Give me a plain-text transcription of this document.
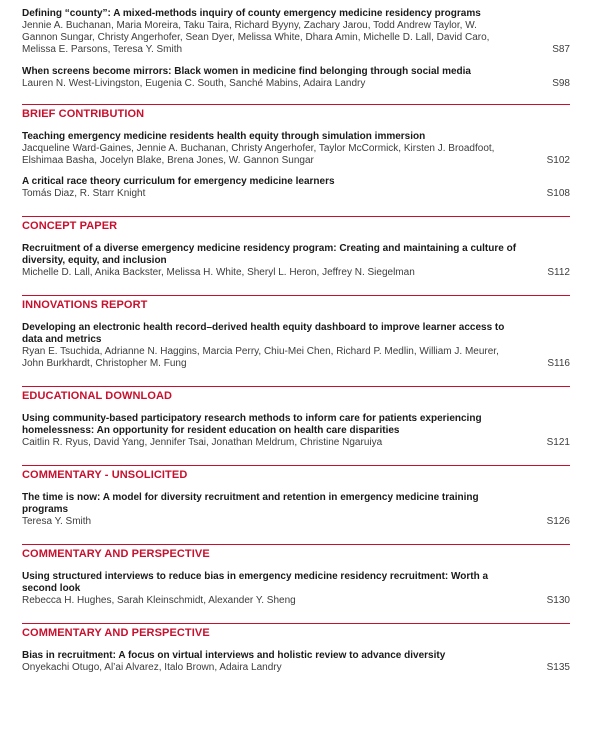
Defining “county”: A mixed-methods inquiry of county emergency medicine residency programs
Jennie A. Buchanan, Maria Moreira, Taku Taira, Richard Byyny, Zachary Jarou, Todd Andrew Taylor, W. Gannon Sungar, Christy Angerhofer, Sean Dyer, Melissa White, Dhara Amin, Michelle D. Lall, David Caro, Melissa E. Parsons, Teresa Y. Smith	S87
When screens become mirrors: Black women in medicine find belonging through social media
Lauren N. West-Livingston, Eugenia C. South, Sanché Mabins, Adaira Landry	S98
BRIEF CONTRIBUTION
Teaching emergency medicine residents health equity through simulation immersion
Jacqueline Ward-Gaines, Jennie A. Buchanan, Christy Angerhofer, Taylor McCormick, Kirsten J. Broadfoot, Elshimaa Basha, Jocelyn Blake, Brena Jones, W. Gannon Sungar	S102
A critical race theory curriculum for emergency medicine learners
Tomás Diaz, R. Starr Knight	S108
CONCEPT PAPER
Recruitment of a diverse emergency medicine residency program: Creating and maintaining a culture of diversity, equity, and inclusion
Michelle D. Lall, Anika Backster, Melissa H. White, Sheryl L. Heron, Jeffrey N. Siegelman	S112
INNOVATIONS REPORT
Developing an electronic health record–derived health equity dashboard to improve learner access to data and metrics
Ryan E. Tsuchida, Adrianne N. Haggins, Marcia Perry, Chiu-Mei Chen, Richard P. Medlin, William J. Meurer, John Burkhardt, Christopher M. Fung	S116
EDUCATIONAL DOWNLOAD
Using community-based participatory research methods to inform care for patients experiencing homelessness: An opportunity for resident education on health care disparities
Caitlin R. Ryus, David Yang, Jennifer Tsai, Jonathan Meldrum, Christine Ngaruiya	S121
COMMENTARY - UNSOLICITED
The time is now: A model for diversity recruitment and retention in emergency medicine training programs
Teresa Y. Smith	S126
COMMENTARY AND PERSPECTIVE
Using structured interviews to reduce bias in emergency medicine residency recruitment: Worth a second look
Rebecca H. Hughes, Sarah Kleinschmidt, Alexander Y. Sheng	S130
COMMENTARY AND PERSPECTIVE
Bias in recruitment: A focus on virtual interviews and holistic review to advance diversity
Onyekachi Otugo, Al’ai Alvarez, Italo Brown, Adaira Landry	S135
